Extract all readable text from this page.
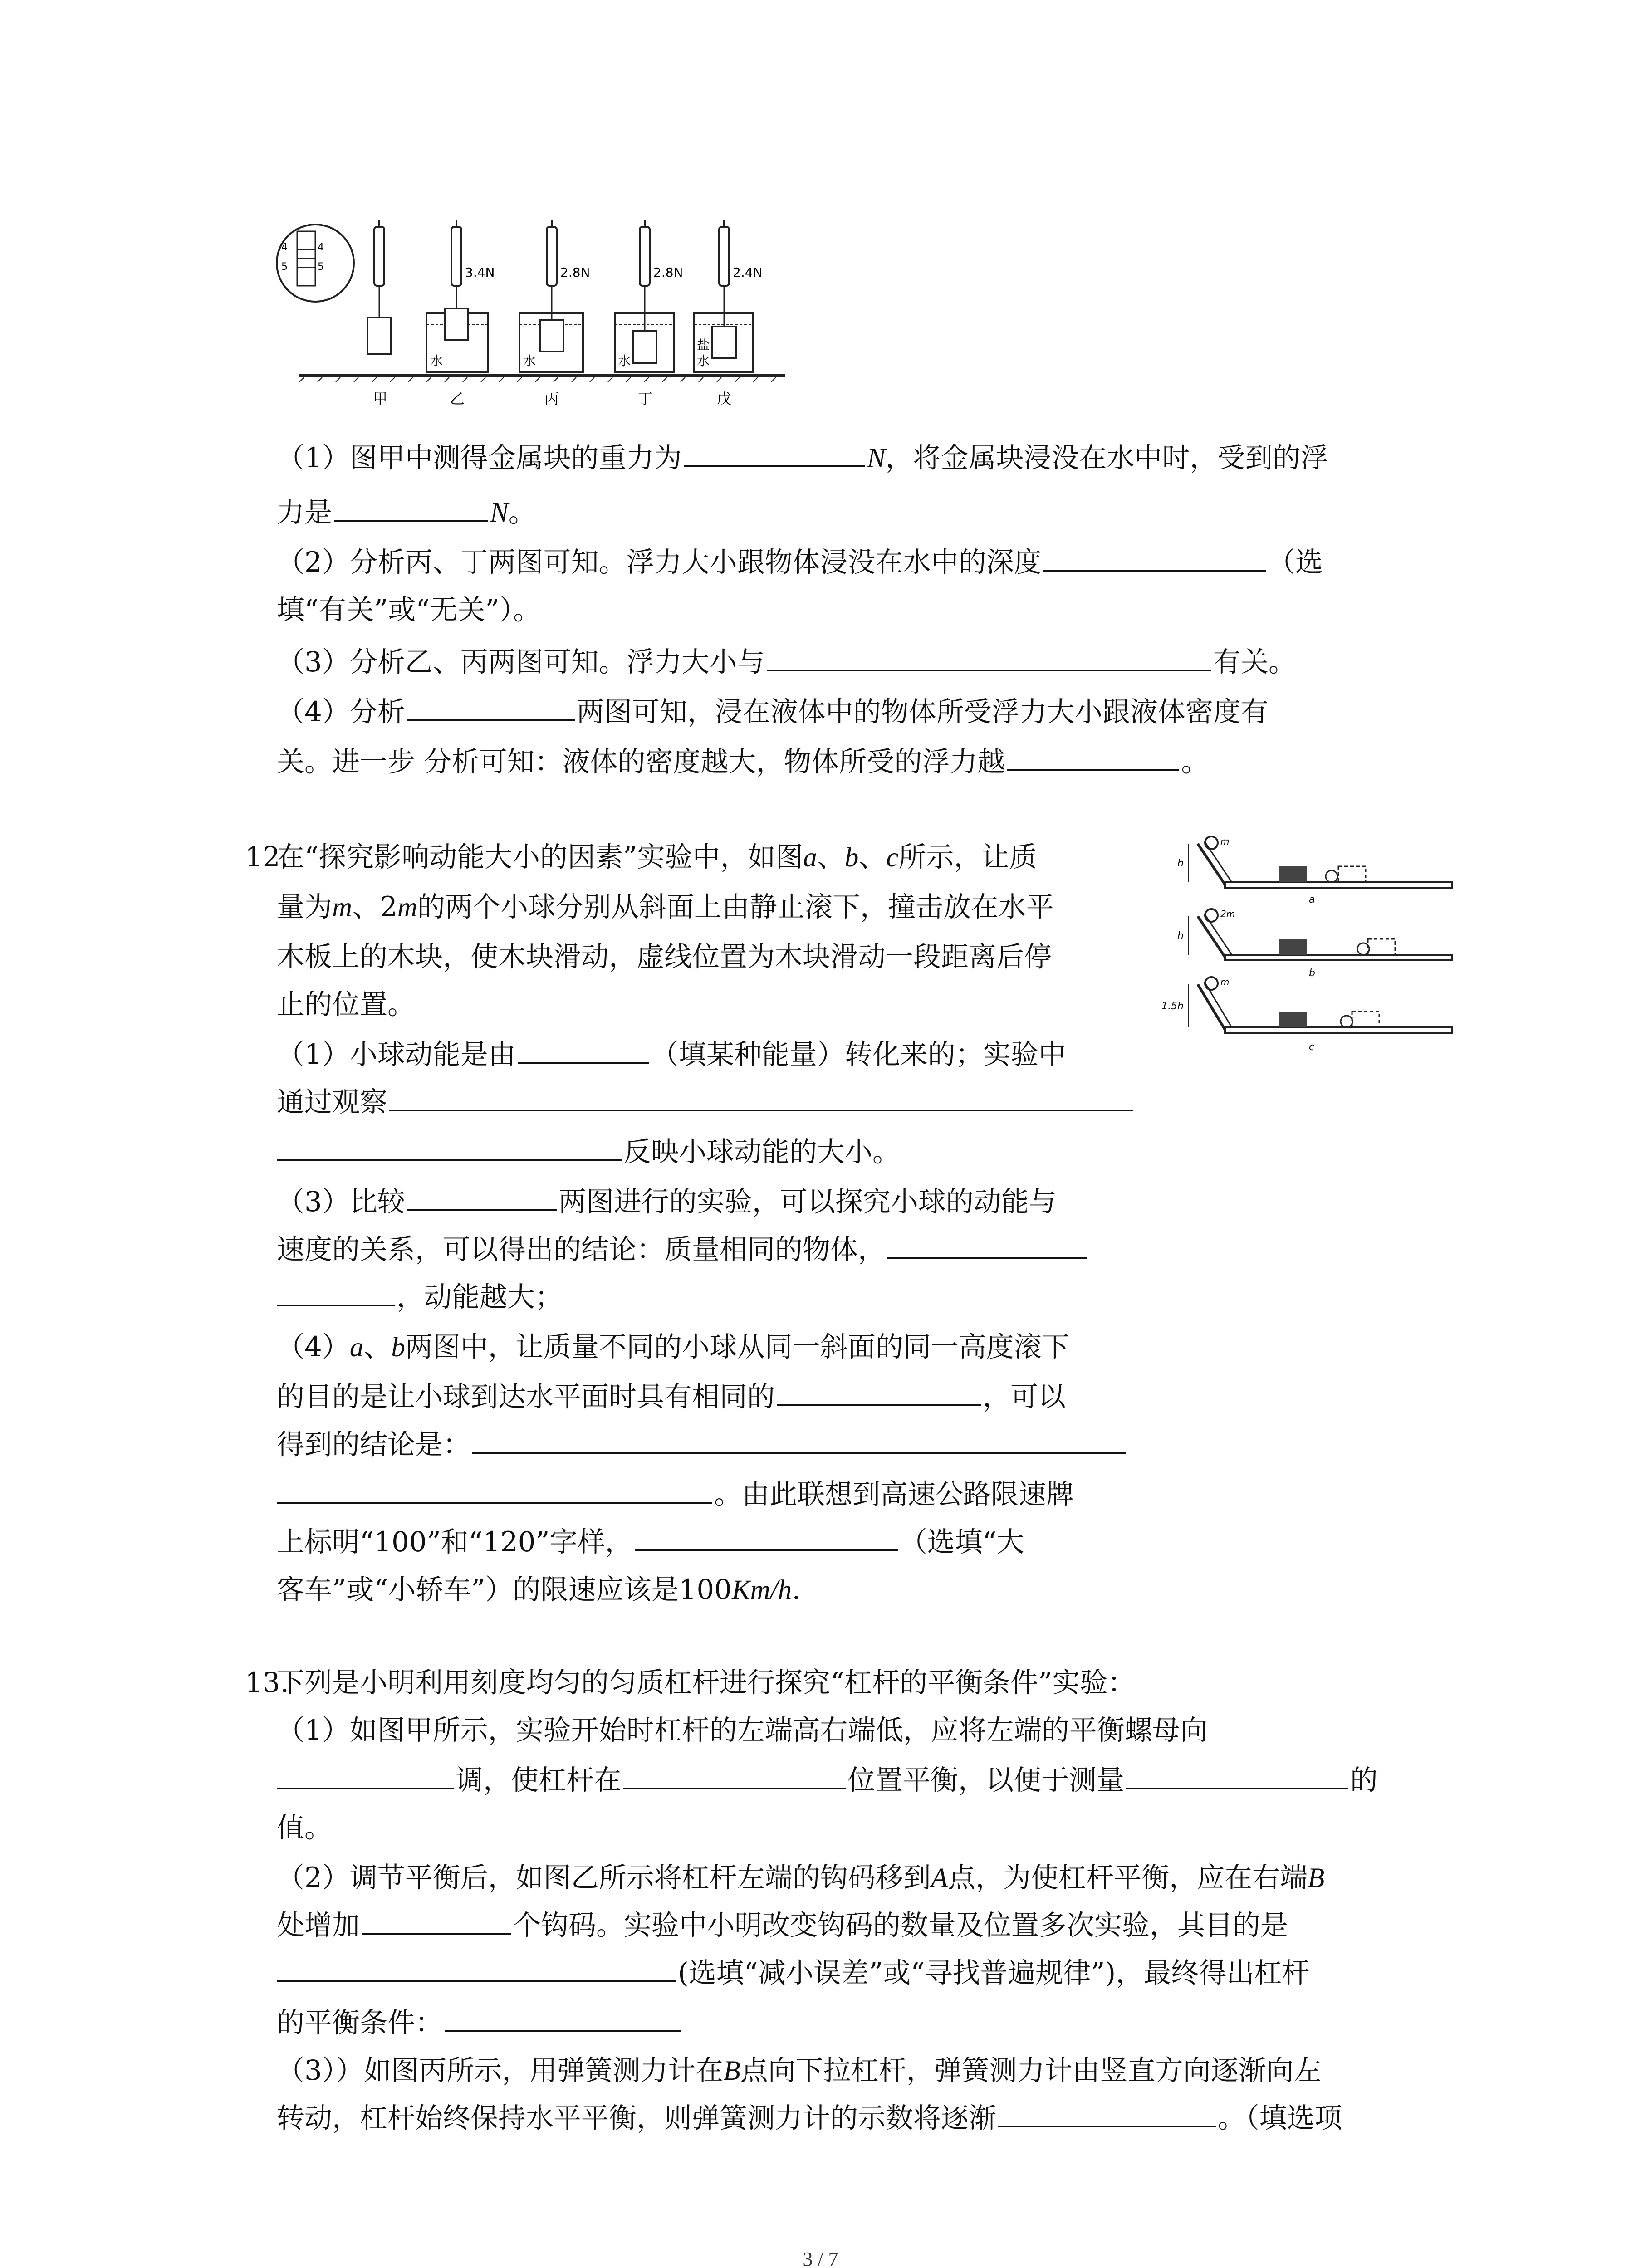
4	4
5	5	3.4N
水
2.8N
水
2.8N
水
2.4N
盐
水
甲	乙	丙	丁	戊
（1）图甲中测得金属块的重力为	N，将金属块浸没在水中时，受到的浮
力是	N。
（2）分析丙、丁两图可知。浮力大小跟物体浸没在水中的深度	（选
填“有关”或“无关”）。
（3）分析乙、丙两图可知。浮力大小与	有关。
（4）分析	两图可知，浸在液体中的物体所受浮力大小跟液体密度有
关。进一步 分析可知：液体的密度越大，物体所受的浮力越	。
12.
在“探究影响动能大小的因素”实验中，如图a、b、c所示，让质
量为m、2m的两个小球分别从斜面上由静止滚下，撞击放在水平
木板上的木块，使木块滑动，虚线位置为木块滑动一段距离后停
止的位置。
（1）小球动能是由	（填某种能量）转化来的；实验中
通过观察
反映小球动能的大小。
（3）比较	两图进行的实验，可以探究小球的动能与
速度的关系，可以得出的结论：质量相同的物体，
，动能越大；
（4）a、b两图中，让质量不同的小球从同一斜面的同一高度滚下
的目的是让小球到达水平面时具有相同的	，可以
得到的结论是：
。由此联想到高速公路限速牌
上标明“100”和“120”字样，	（选填“大
客车”或“小轿车”）的限速应该是100Km/h.
m
h
a
2m
h
b
m
1.5h
c
13.
下列是小明利用刻度均匀的匀质杠杆进行探究“杠杆的平衡条件”实验：
（1）如图甲所示，实验开始时杠杆的左端高右端低，应将左端的平衡螺母向
调，使杠杆在	位置平衡，以便于测量	的
值。
（2）调节平衡后，如图乙所示将杠杆左端的钩码移到A点，为使杠杆平衡，应在右端B
处增加	个钩码。实验中小明改变钩码的数量及位置多次实验，其目的是
(选填“减小误差”或“寻找普遍规律”)，最终得出杠杆
的平衡条件：
（3））如图丙所示，用弹簧测力计在B点向下拉杠杆，弹簧测力计由竖直方向逐渐向左
转动，杠杆始终保持水平平衡，则弹簧测力计的示数将逐渐	。（填选项
3 / 7
